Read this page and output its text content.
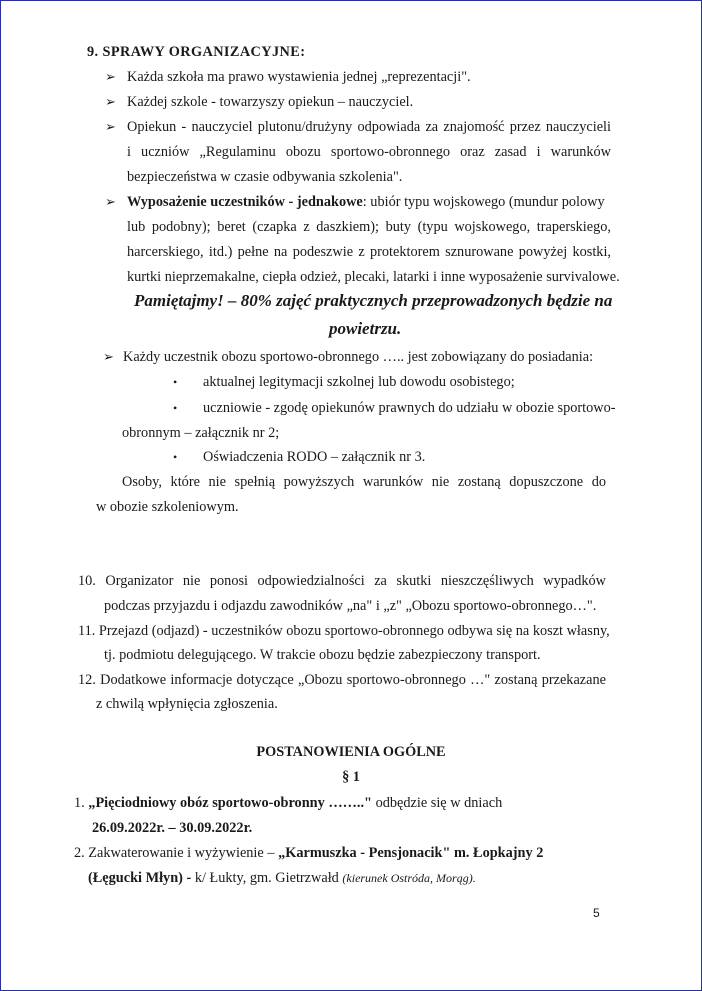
9. SPRAWY ORGANIZACYJNE:
➢ Każda szkoła ma prawo wystawienia jednej „reprezentacji".
➢ Każdej szkole - towarzyszy opiekun – nauczyciel.
➢ Opiekun - nauczyciel plutonu/drużyny odpowiada za znajomość przez nauczycieli
i uczniów „Regulaminu obozu sportowo-obronnego oraz zasad i warunków
bezpieczeństwa w czasie odbywania szkolenia".
➢ Wyposażenie uczestników - jednakowe: ubiór typu wojskowego (mundur polowy
lub podobny); beret (czapka z daszkiem); buty (typu wojskowego, traperskiego,
harcerskiego, itd.) pełne na podeszwie z protektorem sznurowane powyżej kostki,
kurtki nieprzemakalne, ciepła odzież, plecaki, latarki i inne wyposażenie survivalowe.
Pamiętajmy! – 80% zajęć praktycznych przeprowadzonych będzie na
powietrzu.
➢ Każdy uczestnik obozu sportowo-obronnego ….. jest zobowiązany do posiadania:
• aktualnej legitymacji szkolnej lub dowodu osobistego;
• uczniowie - zgodę opiekunów prawnych do udziału w obozie sportowo-
obronnym – załącznik nr 2;
• Oświadczenia RODO – załącznik nr 3.
Osoby, które nie spełnią powyższych warunków nie zostaną dopuszczone do
w obozie szkoleniowym.
10. Organizator nie ponosi odpowiedzialności za skutki nieszczęśliwych wypadków
podczas przyjazdu i odjazdu zawodników „na" i „z" „Obozu sportowo-obronnego…".
11. Przejazd (odjazd) - uczestników obozu sportowo-obronnego odbywa się na koszt własny,
tj. podmiotu delegującego. W trakcie obozu będzie zabezpieczony transport.
12. Dodatkowe informacje dotyczące „Obozu sportowo-obronnego …" zostaną przekazane
z chwilą wpłynięcia zgłoszenia.
POSTANOWIENIA OGÓLNE
§ 1
1. „Pięciodniowy obóz sportowo-obronny …….." odbędzie się w dniach
26.09.2022r. – 30.09.2022r.
2. Zakwaterowanie i wyżywienie – „Karmuszka - Pensjonacik" m. Łopkajny 2
(Łęgucki Młyn) - k/ Łukty, gm. Gietrzwałd (kierunek Ostróda, Morąg).
5
